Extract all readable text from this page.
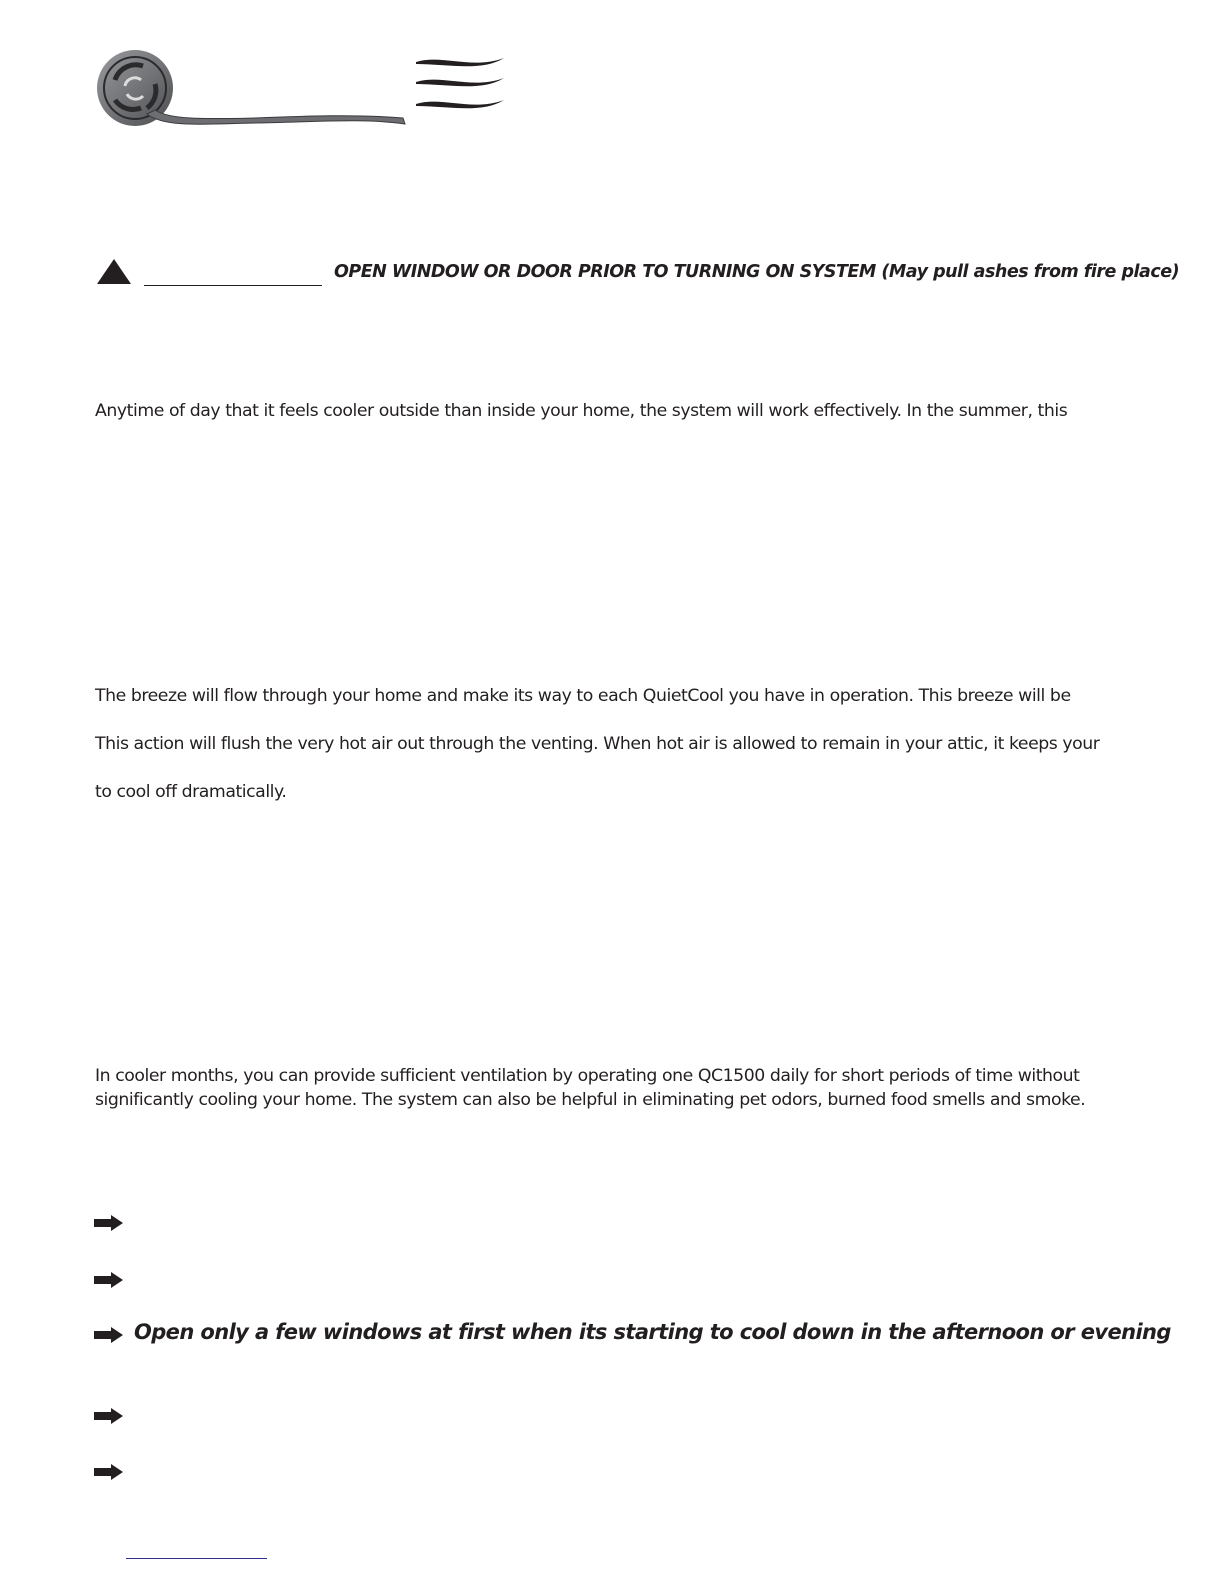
OPEN WINDOW OR DOOR PRIOR TO TURNING ON SYSTEM (May pull ashes from fire place)
Anytime of day that it feels cooler outside than inside your home, the system will work effectively. In the summer, this
The breeze will flow through your home and make its way to each QuietCool you have in operation. This breeze will be
This action will flush the very hot air out through the venting. When hot air is allowed to remain in your attic, it keeps your
to cool off dramatically.
In cooler months, you can provide sufficient ventilation by operating one QC1500 daily for short periods of time without
significantly cooling your home. The system can also be helpful in eliminating pet odors, burned food smells and smoke.
Open only a few windows at first when its starting to cool down in the afternoon or evening
